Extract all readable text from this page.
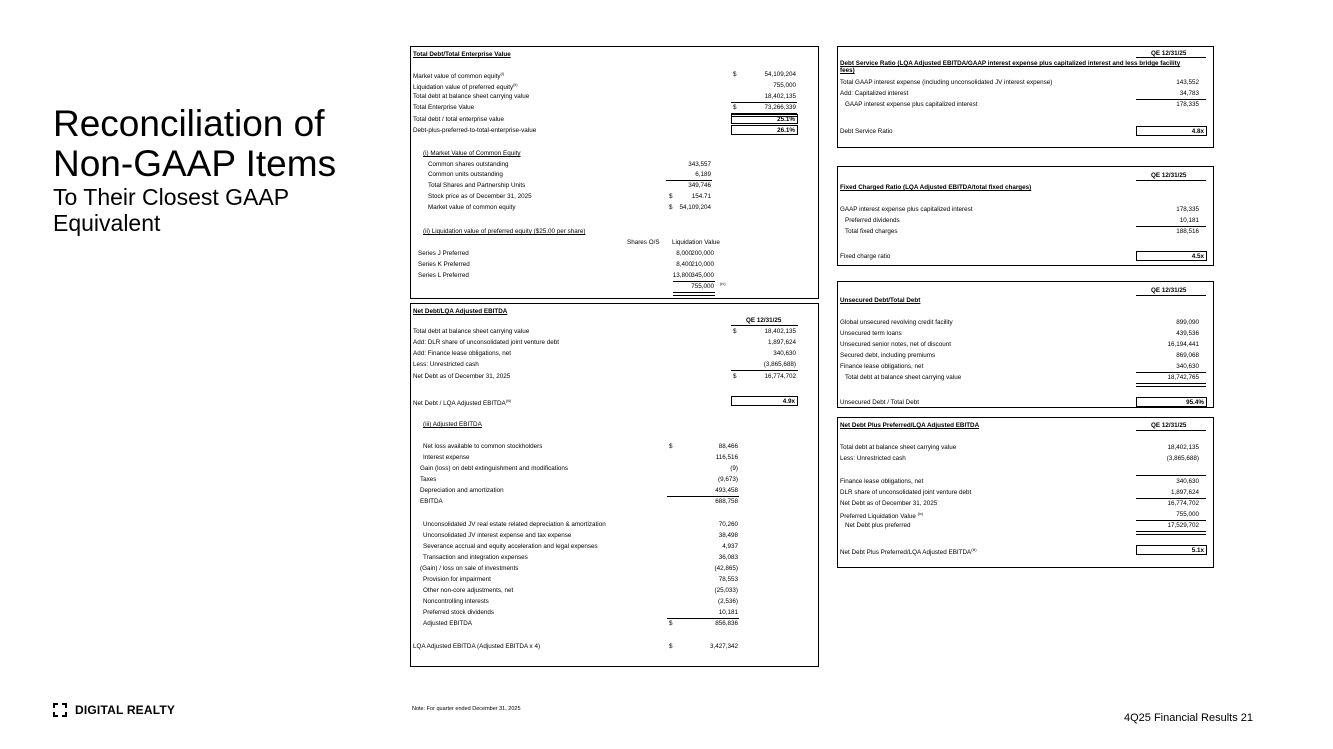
Reconciliation of
Non-GAAP Items
To Their Closest GAAP
Equivalent
Total Debt/Total Enterprise Value
Market value of common equity$^{(i)}$	$	54,109,204
Liquidation value of preferred equity$^{(ii)}$	755,000
Total debt at balance sheet carrying value	18,402,135
Total Enterprise Value	$	73,266,339
Total debt / total enterprise value	25.1%
Debt-plus-preferred-to-total-enterprise-value	26.1%
(i) Market Value of Common Equity
Common shares outstanding	343,557
Common units outstanding	6,189
Total Shares and Partnership Units	349,746
Stock price as of December 31, 2025	$	154.71
Market value of common equity	$ 54,109,204
(ii) Liquidation value of preferred equity ($25.00 per share)
Shares O/S Liquidation Value
Series J Preferred	8,000 200,000
Series K Preferred	8,400 210,000
Series L Preferred	13,800 345,000
755,000 (iv)
Net Debt/LQA Adjusted EBITDA
QE 12/31/25
Total debt at balance sheet carrying value	$	18,402,135
Add: DLR share of unconsolidated joint venture debt	1,897,624
Add: Finance lease obligations, net	340,630
Less: Unrestricted cash	(3,865,688)
Net Debt as of December 31, 2025	$	16,774,702
Net Debt / LQA Adjusted EBITDA$^{(iii)}$	4.9x
(iii) Adjusted EBITDA
Net loss available to common stockholders	$	88,466
Interest expense	116,516
Gain (loss) on debt extinguishment and modifications	(9)
Taxes	(9,673)
Depreciation and amortization	493,458
EBITDA	688,758
Unconsolidated JV real estate related depreciation & amortization	70,260
Unconsolidated JV interest expense and tax expense	38,498
Severance accrual and equity acceleration and legal expenses	4,937
Transaction and integration expenses	36,083
(Gain) / loss on sale of investments	(42,865)
Provision for impairment	78,553
Other non-core adjustments, net	(25,033)
Noncontrolling interests	(2,536)
Preferred stock dividends	10,181
Adjusted EBITDA	$	856,836
LQA Adjusted EBITDA (Adjusted EBITDA x 4)	$	3,427,342
QE 12/31/25
Debt Service Ratio (LQA Adjusted EBITDA/GAAP interest expense plus capitalized interest and less bridge facility
fees)
Total GAAP interest expense (including unconsolidated JV interest expense)	143,552
Add: Capitalized interest	34,783
GAAP interest expense plus capitalized interest	178,335
Debt Service Ratio	4.8x
QE 12/31/25
Fixed Charged Ratio (LQA Adjusted EBITDA/total fixed charges)
GAAP interest expense plus capitalized interest	178,335
Preferred dividends	10,181
Total fixed charges	188,516
Fixed charge ratio	4.5x
QE 12/31/25
Unsecured Debt/Total Debt
Global unsecured revolving credit facility	899,090
Unsecured term loans	439,536
Unsecured senior notes, net of discount	16,194,441
Secured debt, including premiums	869,068
Finance lease obligations, net	340,630
Total debt at balance sheet carrying value	18,742,765
Unsecured Debt / Total Debt	95.4%
Net Debt Plus Preferred/LQA Adjusted EBITDA	QE 12/31/25
Total debt at balance sheet carrying value	18,402,135
Less: Unrestricted cash	(3,865,688)
Finance lease obligations, net	340,630
DLR share of unconsolidated joint venture debt	1,897,624
Net Debt as of December 31, 2025	16,774,702
Preferred Liquidation Value $^{(iv)}$	755,000
Net Debt plus preferred	17,529,702
Net Debt Plus Preferred/LQA Adjusted EBITDA$^{(iii)}$	5.1x
DIGITAL REALTY	Note: For quarter ended December 31, 2025
4Q25 Financial Results 21
